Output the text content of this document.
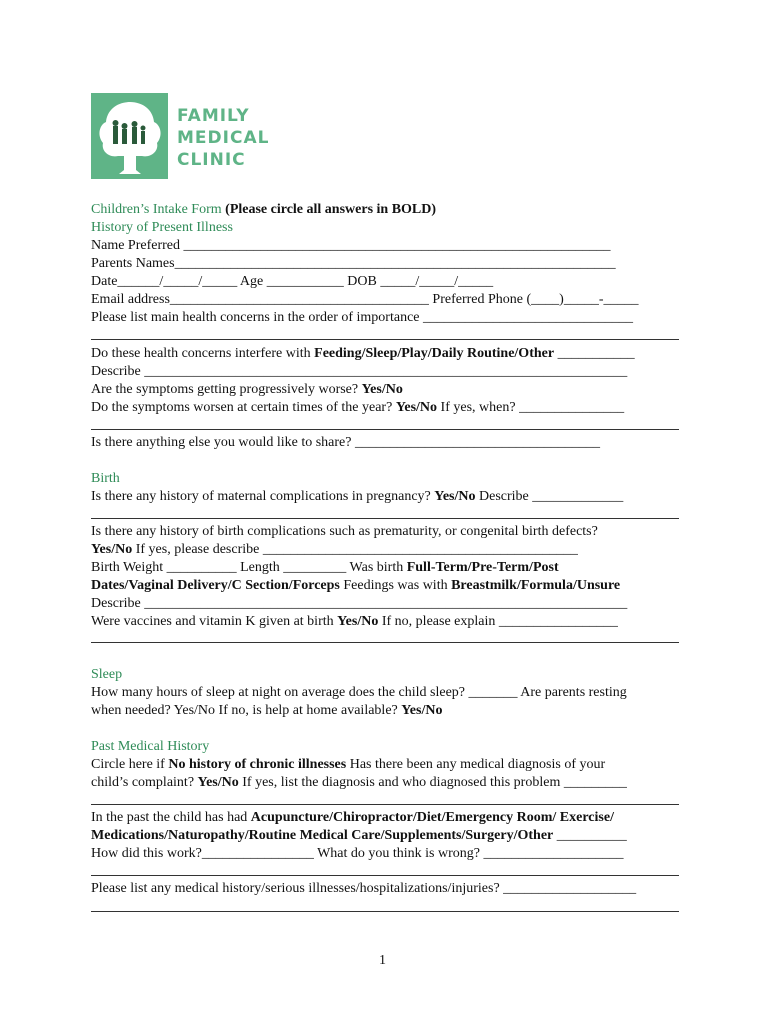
FAMILY
MEDICAL
CLINIC
Children’s Intake Form (Please circle all answers in BOLD)
History of Present Illness
Name Preferred _____________________________________________________________
Parents Names_______________________________________________________________
Date______/_____/_____ Age ___________ DOB _____/_____/_____
Email address_____________________________________ Preferred Phone (____)_____-_____
Please list main health concerns in the order of importance ______________________________
Do these health concerns interfere with Feeding/Sleep/Play/Daily Routine/Other ___________
Describe _____________________________________________________________________
Are the symptoms getting progressively worse? Yes/No
Do the symptoms worsen at certain times of the year? Yes/No If yes, when? _______________
Is there anything else you would like to share? ___________________________________
Birth
Is there any history of maternal complications in pregnancy? Yes/No Describe _____________
Is there any history of birth complications such as prematurity, or congenital birth defects?
Yes/No If yes, please describe _____________________________________________
Birth Weight __________ Length _________ Was birth Full-Term/Pre-Term/Post
Dates/Vaginal Delivery/C Section/Forceps Feedings was with Breastmilk/Formula/Unsure
Describe _____________________________________________________________________
Were vaccines and vitamin K given at birth Yes/No If no, please explain _________________
Sleep
How many hours of sleep at night on average does the child sleep? _______ Are parents resting
when needed? Yes/No If no, is help at home available? Yes/No
Past Medical History
Circle here if No history of chronic illnesses Has there been any medical diagnosis of your
child’s complaint? Yes/No If yes, list the diagnosis and who diagnosed this problem _________
In the past the child has had Acupuncture/Chiropractor/Diet/Emergency Room/ Exercise/
Medications/Naturopathy/Routine Medical Care/Supplements/Surgery/Other __________
How did this work?________________ What do you think is wrong? ____________________
Please list any medical history/serious illnesses/hospitalizations/injuries? ___________________
1
